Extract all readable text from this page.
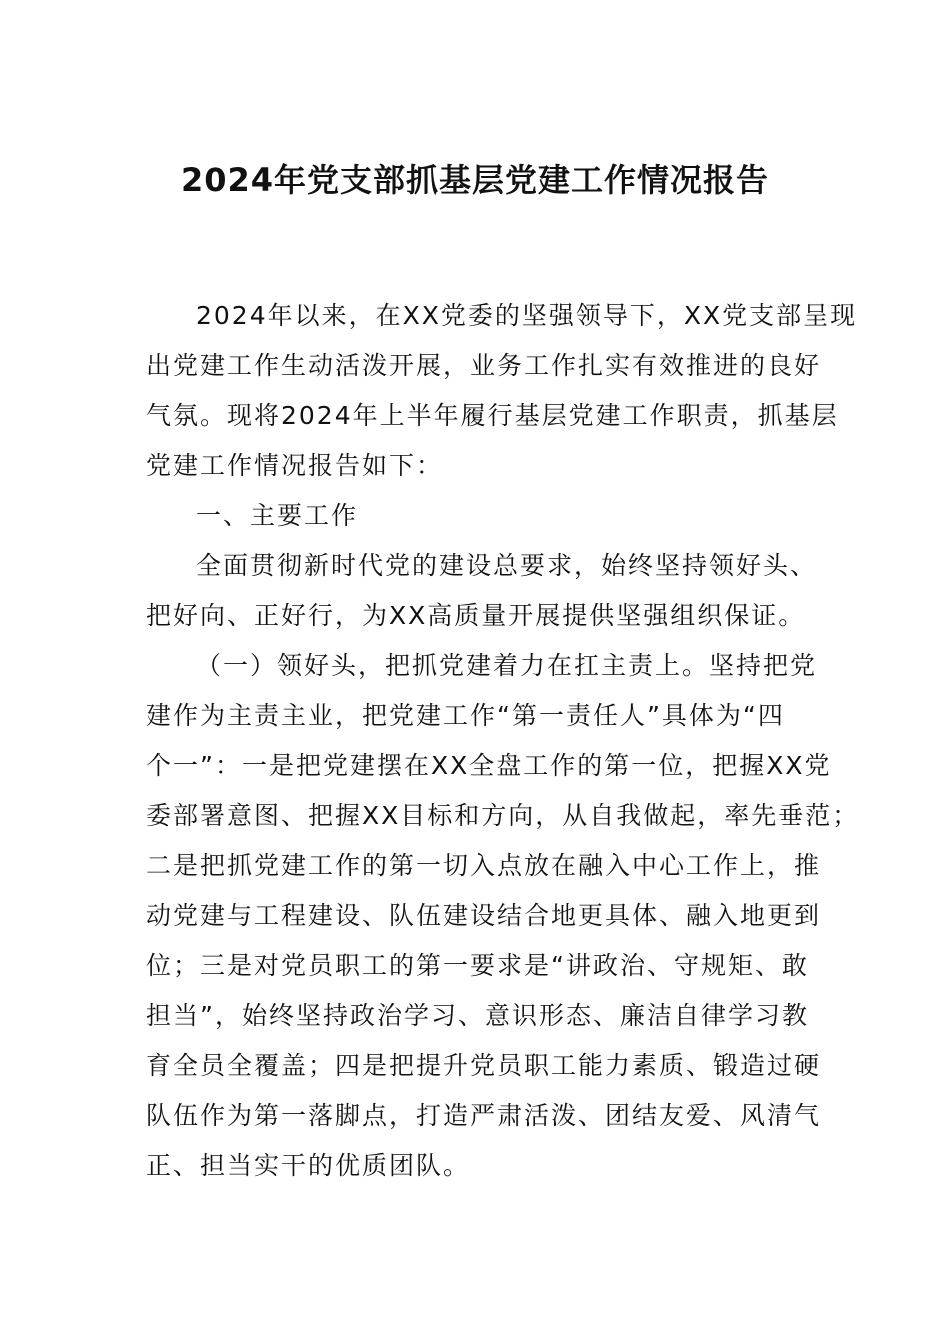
2024年党支部抓基层党建工作情况报告
2024年以来，在XX党委的坚强领导下，XX党支部呈现
出党建工作生动活泼开展，业务工作扎实有效推进的良好
气氛。现将2024年上半年履行基层党建工作职责，抓基层
党建工作情况报告如下：
一、主要工作
全面贯彻新时代党的建设总要求，始终坚持领好头、
把好向、正好行，为XX高质量开展提供坚强组织保证。
（一）领好头，把抓党建着力在扛主责上。坚持把党
建作为主责主业，把党建工作“第一责任人”具体为“四
个一”：一是把党建摆在XX全盘工作的第一位，把握XX党
委部署意图、把握XX目标和方向，从自我做起，率先垂范；
二是把抓党建工作的第一切入点放在融入中心工作上，推
动党建与工程建设、队伍建设结合地更具体、融入地更到
位；三是对党员职工的第一要求是“讲政治、守规矩、敢
担当”，始终坚持政治学习、意识形态、廉洁自律学习教
育全员全覆盖；四是把提升党员职工能力素质、锻造过硬
队伍作为第一落脚点，打造严肃活泼、团结友爱、风清气
正、担当实干的优质团队。
